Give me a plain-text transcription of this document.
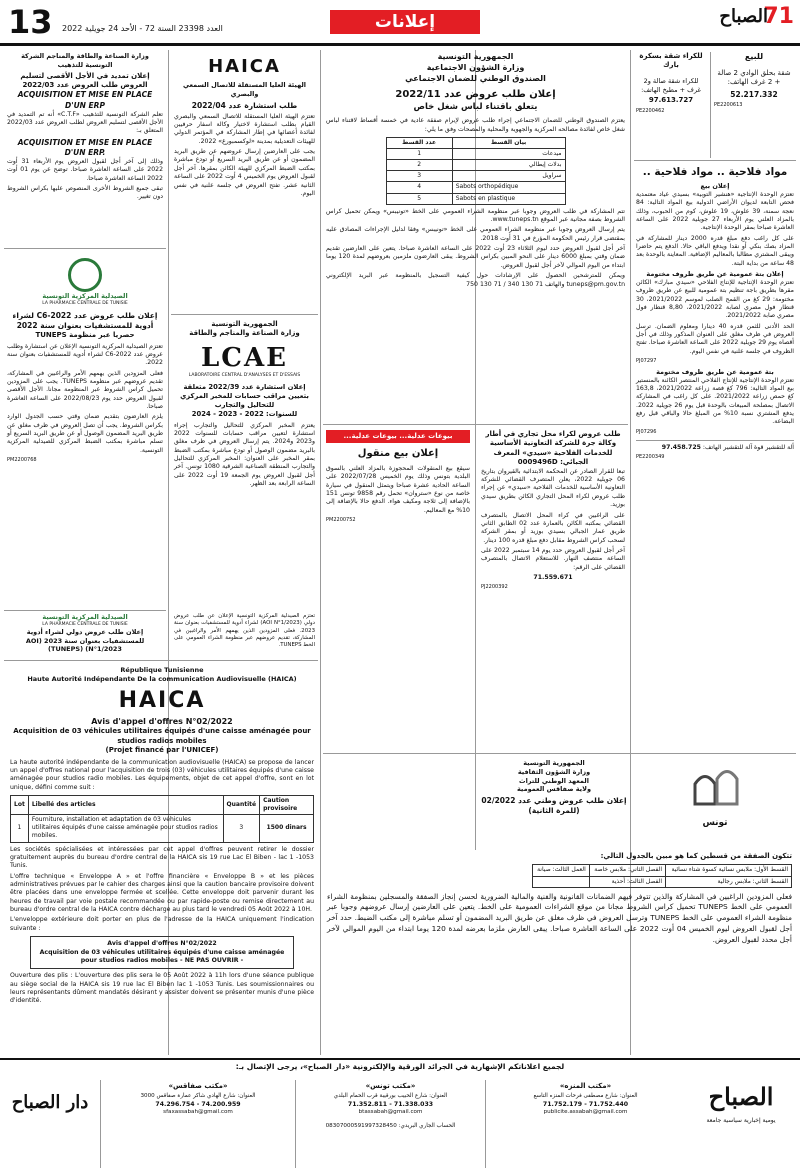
13 العدد 23398 السنة 72 - الأحد 24 جويلية 2022	إعلانات	71
الصباح
للبيع

شقة بحلق الوادي 2 صالة + 2 غرف الهاتف:

52.217.332
PE2200613
للكراء شقة بسكرة بارك

للكراء شقة صالة و2 غرف + مطبخ الهاتف:

97.613.727
PE2200462
مواد فلاحية .. مواد فلاحية ..
إعلان بيع

تعتزم الوحدة الإنتاجية «هنشير التوبية» بسيدي عياد معتمدية فحص التابعة لديوان الأراضي الدولية بيع المواد التالية: 84 نعجة سمنة، 39 علوش، 19 علوش، كوم من الحبوب، وذلك بالمزاد العلني يوم الأربعاء 27 جويلية 2022 على الساعة العاشرة صباحا بمقر الوحدة الإنتاجية.

على كل راغب دفع مبلغ قدره 2000 دينار للمشاركة في المزاد بصك بنكي أو نقدا ويدفع الباقي حالا. الدفع يتم حاضرا ويبقى المشتري مطالبا بالمعاليم الإضافية. المعاينة بالوحدة بعد 48 ساعة من بداية البتة.

إعلان بتة عمومية عن طريق ظروف مختومة

تعتزم الوحدة الإنتاجية للإنتاج الفلاحي «سيدي مبارك» الكائن مقرها بطريق باجة تنظيم بتة عمومية للبيع عن طريق ظروف مختومة: 29 كغ من القمح الصلب لموسم 2021/2022، 30 قنطار فول مصري لصابة 2021/2022، 8,80 قنطار فول مصري صابة 2021/2022.

الحد الأدنى للثمن قدره 40 دينارا ومعلوم الضمان. ترسل العروض في ظرف مغلق على العنوان المذكور وذلك في أجل أقصاه يوم 29 جويلية 2022 على الساعة العاشرة صباحا. تفتح الظروف في جلسة علنية في نفس اليوم.

PJ07297
بتة عمومية عن طريق ظروف مختومة

تعتزم الوحدة الإنتاجية للإنتاج الفلاحي المنتصر الكائنة بالمنستير بيع المواد التالية: 796 كغ فصة زراعة 2021/2022، 163,8 كغ حمص زراعة 2021/2022. على كل راغب في المشاركة الاتصال بمصلحة المبيعات بالوحدة قبل يوم 26 جويلية 2022. يدفع المشتري نسبة 10% من المبلغ حالا والباقي قبل رفع البضاعة.

PJ07296
ألة للتقشير قوة آلة للتقشير الهاتف: 97.458.725
PE2200349
تونس
الجمهورية التونسية
وزارة الشؤون الاجتماعية
الصندوق الوطني للضمان الاجتماعي
إعلان طلب عروض عدد 2022/11
يتعلق باقتناء لباس شغل خاص

يعتزم الصندوق الوطني للضمان الاجتماعي إجراء طلب عروض لإبرام صفقة عادية في خمسة أقساط لاقتناء لباس شغل خاص لفائدة مصالحه المركزية والجهوية والمحلية والمصحات وفق ما يلي:

بيان القسط	عدد القسط
ميدعات	1
بدلات إيطالي	2
سراويل	3
Sabots orthopédique	4
Sabots en plastique	5

تتم المشاركة في طلب العروض وجوبا عبر منظومة الشراء العمومي على الخط «تونيبس» ويمكن تحميل كراس الشروط بصفة مجانية عبر الموقع www.tuneps.tn.

يتم إرسال العروض وجوبا عبر منظومة الشراء العمومي على الخط «تونيبس» وفقا لدليل الإجراءات المصادق عليه بمقتضى قرار رئيس الحكومة المؤرخ في 31 أوت 2018.

آخر أجل لقبول العروض حدد ليوم الثلاثاء 23 أوت 2022 على الساعة العاشرة صباحا. يتعين على العارضين تقديم ضمان وقتي بمبلغ 6000 دينار على النحو المبين بكراس الشروط. يبقى العارضون ملزمين بعروضهم لمدة 120 يوما ابتداء من اليوم الموالي لآخر أجل لقبول العروض.

ويمكن للمترشحين الحصول على الإرشادات حول كيفية التسجيل بالمنظومة عبر البريد الإلكتروني tuneps@pm.gov.tn والهاتف 71 130 340 / 71 130 750

طلب عروض لكراء محل تجاري في أطار وكالة جرة للشركة التعاونية الأساسية للخدمات الفلاحية «سيدي» المعرف الجبائي: 0009496D

تبعا للقرار الصادر عن المحكمة الابتدائية بالقيروان بتاريخ 06 جويلية 2022، يعلن المتصرف القضائي للشركة التعاونية الأساسية للخدمات الفلاحية «سيدي» عن إجراء طلب عروض لكراء المحل التجاري الكائن بطريق سيدي بوزيد.

على الراغبين في كراء المحل الاتصال بالمتصرف القضائي بمكتبه الكائن بالعمارة عدد 02 الطابق الثاني طريق عمار الجبالي بسيدي بوزيد أو بمقر الشركة لسحب كراس الشروط مقابل دفع مبلغ قدره 100 دينار.

آخر أجل لقبول العروض حدد يوم 14 سبتمبر 2022 على الساعة منتصف النهار. للاستعلام الاتصال بالمتصرف القضائي على الرقم:

71.559.671
PJ2200392
بيوعات عدلية... بيوعات عدلية...
إعلان بيع منقول

سيقع بيع المنقولات المحجوزة بالمزاد العلني بالسوق البلدية بتونس وذلك يوم الخميس 2022/07/28 على الساعة الحادية عشرة صباحا ويتمثل المنقول في سيارة خاصة من نوع «ستروان» تحمل رقم 9858 تونس 151 بالإضافة إلى ثلاجة ومكيف هواء. الدفع حالا بالإضافة إلى 10% مع المعاليم.

PM2200752
الجمهورية التونسية
وزارة الشؤون الثقافية
المعهد الوطني للتراث
ولاية صفاقس العمومية
إعلان طلب عروض وطني عدد 02/2022 (للمرة الثانية)
تتكون الصفقة من قسطين كما هو مبين بالجدول التالي:
القسط الأول: ملابس نسائية كسوة شتاء نسائية	الفصل الثاني: ملابس خاصة	العمل الثالث: صيانة
القسط الثاني: ملابس رجالية	الفصل الثالث: أحذية	

فعلى المزودين الراغبين في المشاركة والذين تتوفر فيهم الضمانات القانونية والفنية والمالية الضرورية لحسن إنجاز الصفقة والمسجلين بمنظومة الشراء العمومي على الخط TUNEPS تحميل كراس الشروط مجانا من موقع الشراءات العمومية على الخط. يتعين على العارضين إرسال عروضهم وجوبا عبر منظومة الشراء العمومي على الخط TUNEPS وترسل العروض في ظرف مغلق عن طريق البريد المضمون أو تسلم مباشرة إلى مكتب الضبط. حدد آخر أجل لقبول العروض ليوم الخميس 04 أوت 2022 على الساعة العاشرة صباحا. يبقى العارض ملزما بعرضه لمدة 120 يوما ابتداء من اليوم الموالي لآخر أجل محدد لقبول العروض.

HAICA
الهيئة العليا المستقلة للاتصال السمعي والبصري
طلب استشارة عدد 2022/04

تعتزم الهيئة العليا المستقلة للاتصال السمعي والبصري القيام بطلب استشارة لاختيار وكالة اسفار حرفيين لفائدة أعضائها في إطار المشاركة في المؤتمر الدولي للهيئات التعديلية بمدينة «لوكسمبورغ» 2022.

يجب على العارضين إرسال عروضهم عن طريق البريد المضمون أو عن طريق البريد السريع أو تودع مباشرة بمكتب الضبط المركزي للهيئة الكائن بمقرها. آخر أجل لقبول العروض يوم الخميس 4 أوت 2022 على الساعة الثانية عشر. تفتح العروض في جلسة علنية في نفس اليوم.

الجمهورية التونسية
وزارة الصناعة والمناجم والطاقة
LCAE
LABORATOIRE CENTRAL D'ANALYSES ET D'ESSAIS
إعلان استشارة عدد 2022/39 متعلقة بتعيين مراقب حسابات للمخبر المركزي للتحاليل والتجارب
للسنوات: 2022 - 2023 - 2024

يعتزم المخبر المركزي للتحاليل والتجارب إجراء استشارة لتعيين مراقب حسابات للسنوات 2022 و2023 و2024. يتم إرسال العروض في ظرف مغلق بالبريد مضمون الوصول أو تودع مباشرة بمكتب الضبط بمقر المخبر على العنوان: المخبر المركزي للتحاليل والتجارب المنطقة الصناعية الشرقية 1080 تونس. آخر أجل لقبول العروض يوم الجمعة 19 أوت 2022 على الساعة الرابعة بعد الظهر.

République Tunisienne
Haute Autorité Indépendante De la communication Audiovisuelle (HAICA)
HAICA
Avis d'appel d'offres N°02/2022
Acquisition de 03 véhicules utilitaires équipés d'une caisse aménagée pour studios radios mobiles
(Projet financé par l'UNICEF)

La haute autorité indépendante de la communication audiovisuelle (HAICA) se propose de lancer un appel d'offres national pour l'acquisition de trois (03) véhicules utilitaires équipés d'une caisse aménagée pour studios radio mobiles. Les équipements, objet de cet appel d'offre, sont en lot unique, défini comme suit :

Lot	Libellé des articles	Quantité	Caution provisoire
1	Fourniture, installation et adaptation de 03 véhicules utilitaires équipés d'une caisse aménagée pour studios radios mobiles.	3	1500 dinars

Les sociétés spécialisées et intéressées par cet appel d'offres peuvent retirer le dossier gratuitement auprès du bureau d'ordre central de la HAICA sis 19 rue Lac El Biben - lac 1 -1053 Tunis.

L'offre technique « Enveloppe A » et l'offre financière « Enveloppe B » et les pièces administratives prévues par le cahier des charges ainsi que la caution bancaire provisoire doivent être placées dans une enveloppe fermée et scellée. Cette enveloppe doit parvenir durant les heures de travail par voie postale recommandée ou par rapide-poste ou remise directement au bureau d'ordre central de la HAICA contre décharge au plus tard le vendredi 05 Août 2022 à 10H.

L'enveloppe extérieure doit porter en plus de l'adresse de la HAICA uniquement l'indication suivante :

Avis d'appel d'offres N°02/2022
Acquisition de 03 véhicules utilitaires équipés d'une caisse aménagée pour studios radios mobiles - NE PAS OUVRIR -

Ouverture des plis : L'ouverture des plis sera le 05 Août 2022 à 11h lors d'une séance publique au siège social de la HAICA sis 19 rue lac El Biben lac 1 -1053 Tunis. Les soumissionnaires ou leurs représentants dûment mandatés désirant y assister doivent se présenter munis d'une pièce d'identité.

وزارة الصناعة والطاقة والمناجم الشركة التونسية للتذهيب
إعلان تمديد في الأجل الأقصى لتسليم العروض طلب العروض عدد 2022/03
ACQUISITION ET MISE EN PLACE D'UN ERP

تعلم الشركة التونسية للتذهيب «C.T.F» أنه تم التمديد في الأجل الأقصى لتسليم العروض لطلب العروض عدد 2022/03 المتعلق بـ:

ACQUISITION ET MISE EN PLACE D'UN ERP.

وذلك إلى آخر أجل لقبول العروض يوم الأربعاء 31 أوت 2022 على الساعة العاشرة صباحا. توضح عن يوم 01 أوت 2022 الساعة العاشرة صباحا.

تبقى جميع الشروط الأخرى المنصوص عليها بكراس الشروط دون تغيير.

الصيدلية المركزية التونسية
LA PHARMACIE CENTRALE DE TUNISIE
إعلان طلب عروض عدد 2022-C6 لشراء أدوية للمستشفيات بعنوان سنة 2022
حصريا عبر منظومة TUNEPS

تعتزم الصيدلية المركزية التونسية الإعلان عن استشارة وطلب عروض عدد 2022-C6 لشراء أدوية للمستشفيات بعنوان سنة 2022.

فعلى المزودين الذين يهمهم الأمر والراغبين في المشاركة، تقديم عروضهم عبر منظومة TUNEPS. يجب على المزودين تحميل كراس الشروط عبر المنظومة مجانا. الأجل الأقصى لقبول العروض حدد يوم 2022/08/23 على الساعة العاشرة صباحا.

يلزم العارضون بتقديم ضمان وقتي حسب الجدول الوارد بكراس الشروط. يجب أن تصل العروض في ظرف مغلق عن طريق البريد المضمون الوصول أو عن طريق البريد السريع أو تسلم مباشرة بمكتب الضبط المركزي للصيدلية المركزية التونسية.

PM2200768
الصيدلية المركزية التونسية
LA PHARMACIE CENTRALE DE TUNISIE
إعلان طلب عروض دولي لشراء أدوية للمستشفيات بعنوان سنة 2023 (AOI N°1/2023) (TUNEPS)

تعتزم الصيدلية المركزية التونسية الإعلان عن طلب عروض دولي (AOI N°1/2023) لشراء أدوية للمستشفيات بعنوان سنة 2023. فعلى المزودين الذين يهمهم الأمر والراغبين في المشاركة، تقديم عروضهم عبر منظومة الشراء العمومي على الخط TUNEPS.

لجميع اعلاناتكم الإشهارية في الجرائد الورقية والإلكترونية «دار الصباح»، يرجى الإتصال بـ:
الصباح
يومية إخبارية سياسية جامعة
«مكتب المنزه»
العنوان: شارع مصطفى فرحات المنزه التاسع
71.752.179 - 71.752.440
publicite.assabah@gmail.com
«مكتب تونس»
العنوان: شارع الحبيب بورقيبة قرب الحمام البلدي
71.352.811 - 71.338.033
btassabah@gmail.com
الحساب الجاري البريدي: 08307000591997328450
«مكتب صفاقس»
العنوان: شارع الهادي شاكر عمارة صفاقس 3000
74.296.754 - 74.200.959
sfaxassabah@gmail.com
دار الصباح
